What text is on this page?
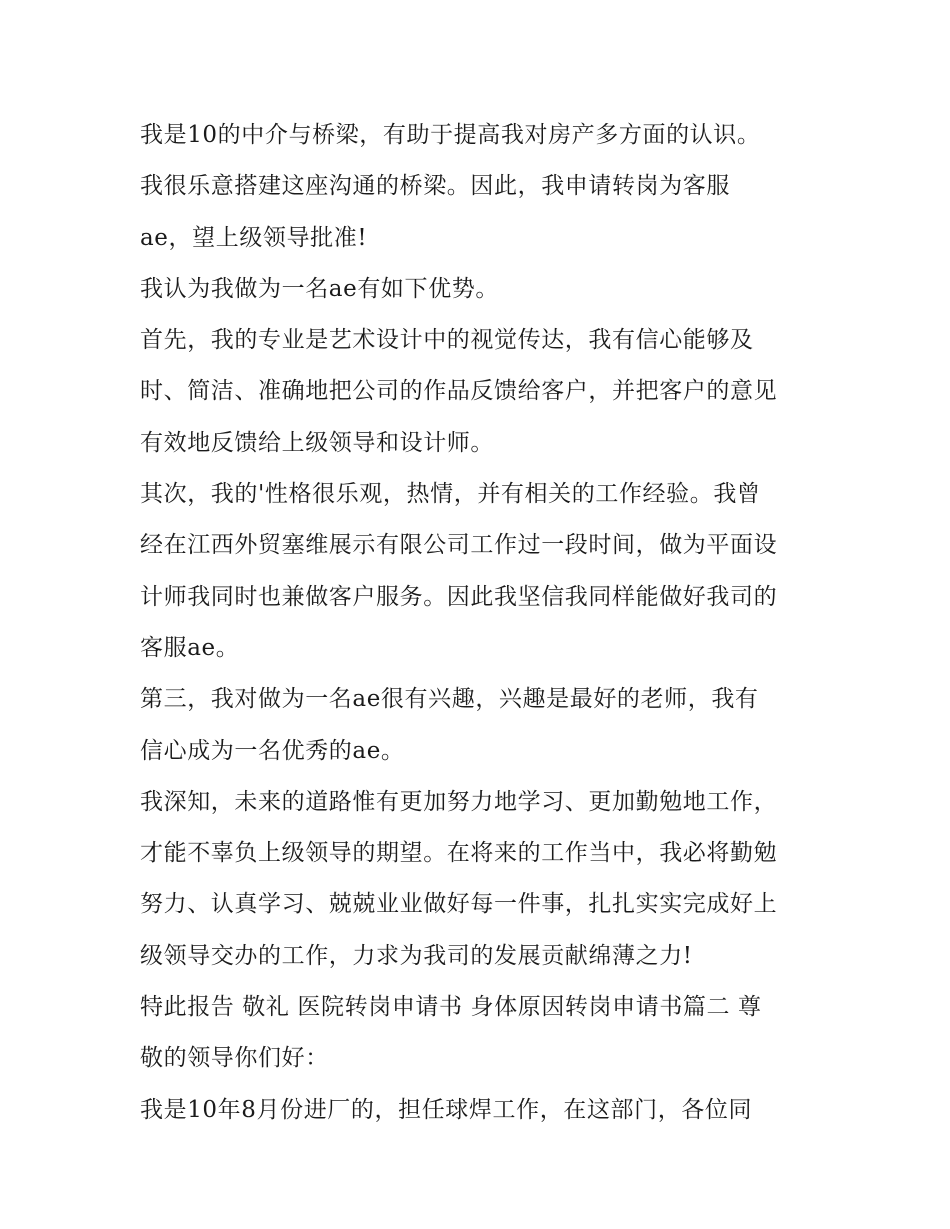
我是10的中介与桥梁，有助于提高我对房产多方面的认识。
我很乐意搭建这座沟通的桥梁。因此，我申请转岗为客服
ae，望上级领导批准!
我认为我做为一名ae有如下优势。
首先，我的专业是艺术设计中的视觉传达，我有信心能够及
时、简洁、准确地把公司的作品反馈给客户，并把客户的意见
有效地反馈给上级领导和设计师。
其次，我的'性格很乐观，热情，并有相关的工作经验。我曾
经在江西外贸塞维展示有限公司工作过一段时间，做为平面设
计师我同时也兼做客户服务。因此我坚信我同样能做好我司的
客服ae。
第三，我对做为一名ae很有兴趣，兴趣是最好的老师，我有
信心成为一名优秀的ae。
我深知，未来的道路惟有更加努力地学习、更加勤勉地工作，
才能不辜负上级领导的期望。在将来的工作当中，我必将勤勉
努力、认真学习、兢兢业业做好每一件事，扎扎实实完成好上
级领导交办的工作，力求为我司的发展贡献绵薄之力!
特此报告 敬礼 医院转岗申请书 身体原因转岗申请书篇二 尊
敬的领导你们好：
我是10年8月份进厂的，担任球焊工作，在这部门，各位同
